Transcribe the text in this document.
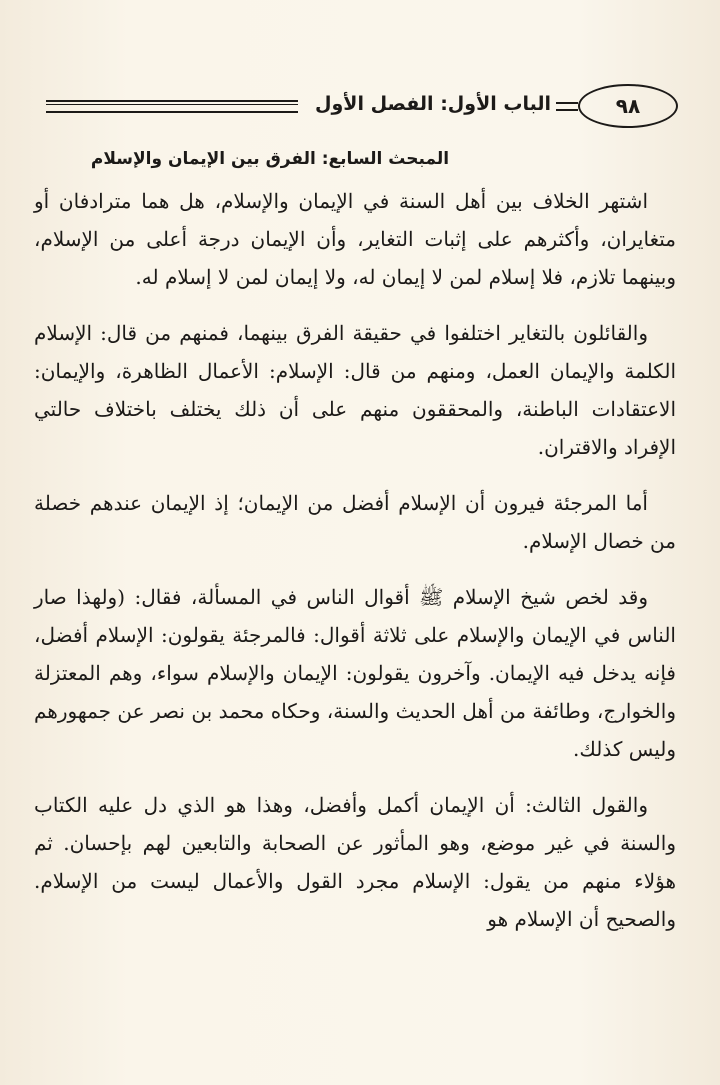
الباب الأول: الفصل الأول	٩٨
المبحث السابع: الفرق بين الإيمان والإسلام

اشتهر الخلاف بين أهل السنة في الإيمان والإسلام، هل هما مترادفان أو متغايران، وأكثرهم على إثبات التغاير، وأن الإيمان درجة أعلى من الإسلام، وبينهما تلازم، فلا إسلام لمن لا إيمان له، ولا إيمان لمن لا إسلام له.

والقائلون بالتغاير اختلفوا في حقيقة الفرق بينهما، فمنهم من قال: الإسلام الكلمة والإيمان العمل، ومنهم من قال: الإسلام: الأعمال الظاهرة، والإيمان: الاعتقادات الباطنة، والمحققون منهم على أن ذلك يختلف باختلاف حالتي الإفراد والاقتران.

أما المرجئة فيرون أن الإسلام أفضل من الإيمان؛ إذ الإيمان عندهم خصلة من خصال الإسلام.

وقد لخص شيخ الإسلام ﷺ أقوال الناس في المسألة، فقال: (ولهذا صار الناس في الإيمان والإسلام على ثلاثة أقوال: فالمرجئة يقولون: الإسلام أفضل، فإنه يدخل فيه الإيمان. وآخرون يقولون: الإيمان والإسلام سواء، وهم المعتزلة والخوارج، وطائفة من أهل الحديث والسنة، وحكاه محمد بن نصر عن جمهورهم وليس كذلك.

والقول الثالث: أن الإيمان أكمل وأفضل، وهذا هو الذي دل عليه الكتاب والسنة في غير موضع، وهو المأثور عن الصحابة والتابعين لهم بإحسان. ثم هؤلاء منهم من يقول: الإسلام مجرد القول والأعمال ليست من الإسلام. والصحيح أن الإسلام هو
